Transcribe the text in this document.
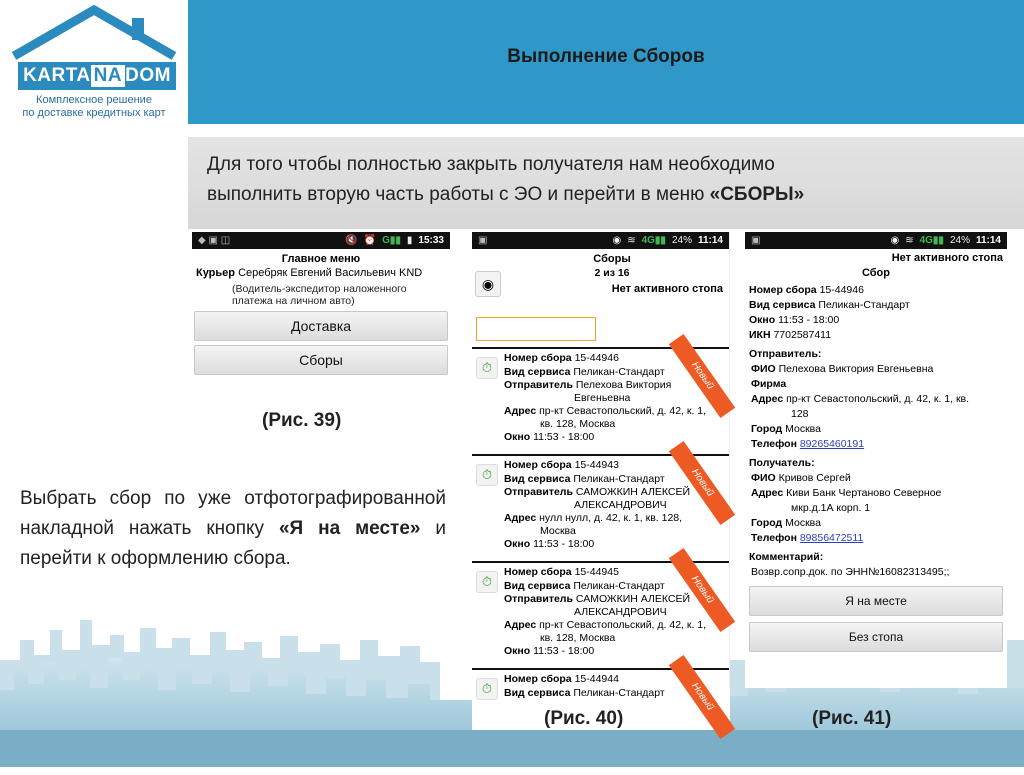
Выполнение Сборов
KARTA NA DOM
Комплексное решение
по доставке кредитных карт
Для того чтобы полностью закрыть получателя нам необходимо
выполнить вторую часть работы с ЭО и перейти в меню «СБОРЫ»
◆ ▣ ◫	🔇 ⏰ G▮▮ ▮ 15:33
Главное меню
Курьер Серебряк Евгений Васильевич KND
(Водитель-экспедитор наложенного
платежа на личном авто)
Доставка
Сборы
▣	◉ ≋ 4G▮▮ 24% 11:14
◉
Сборы
2 из 16
Нет активного стопа
⏱	Новый
Номер сбора 15-44946
Вид сервиса Пеликан-Стандарт
Отправитель Пелехова Виктория
Евгеньевна
Адрес пр-кт Севастопольский, д. 42, к. 1,
кв. 128, Москва
Окно 11:53 - 18:00
⏱	Новый
Номер сбора 15-44943
Вид сервиса Пеликан-Стандарт
Отправитель САМОЖКИН АЛЕКСЕЙ
АЛЕКСАНДРОВИЧ
Адрес нулл нулл, д. 42, к. 1, кв. 128,
Москва
Окно 11:53 - 18:00
⏱	Новый
Номер сбора 15-44945
Вид сервиса Пеликан-Стандарт
Отправитель САМОЖКИН АЛЕКСЕЙ
АЛЕКСАНДРОВИЧ
Адрес пр-кт Севастопольский, д. 42, к. 1,
кв. 128, Москва
Окно 11:53 - 18:00
⏱	Новый
Номер сбора 15-44944
Вид сервиса Пеликан-Стандарт
▣	◉ ≋ 4G▮▮ 24% 11:14
Нет активного стопа
Сбор
Номер сбора 15-44946
Вид сервиса Пеликан-Стандарт
Окно 11:53 - 18:00
ИКН 7702587411
Отправитель:
ФИО Пелехова Виктория Евгеньевна
Фирма
Адрес пр-кт Севастопольский, д. 42, к. 1, кв.
128
Город Москва
Телефон 89265460191
Получатель:
ФИО Кривов Сергей
Адрес Киви Банк Чертаново Северное
мкр.д.1А корп. 1
Город Москва
Телефон 89856472511
Комментарий:
Возвр.сопр.док. по ЭНН№16082313495;;
Я на месте
Без стопа
(Рис. 39)
(Рис. 40)	(Рис. 41)
Выбрать сбор по уже отфотографированной накладной нажать кнопку «Я на месте» и перейти к оформлению сбора.
